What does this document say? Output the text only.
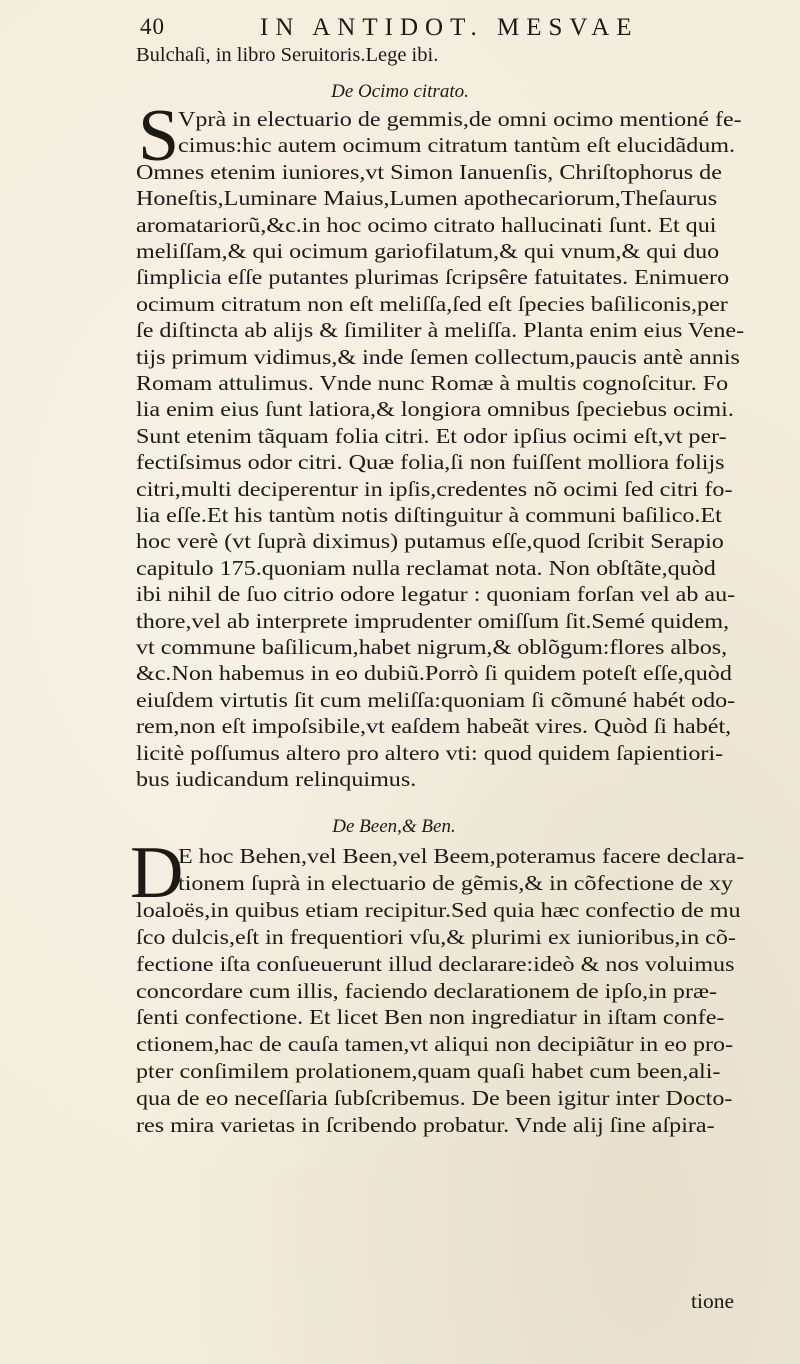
40	IN ANTIDOT. MESVAE
Bulchaſi, in libro Seruitoris.Lege ibi.
De Ocimo citrato.
S
Vprà in electuario de gemmis,de omni ocimo mentioné fe-
cimus:hic autem ocimum citratum tantùm eſt elucidãdum.
Omnes etenim iuniores,vt Simon Ianuenſis, Chriſtophorus de
Honeſtis,Luminare Maius,Lumen apothecariorum,Theſaurus
aromatariorũ,&c.in hoc ocimo citrato hallucinati ſunt. Et qui
meliſſam,& qui ocimum gariofilatum,& qui vnum,& qui duo
ſimplicia eſſe putantes plurimas ſcripsêre fatuitates. Enimuero
ocimum citratum non eſt meliſſa,ſed eſt ſpecies baſiliconis,per
ſe diſtincta ab alijs & ſimiliter à meliſſa. Planta enim eius Vene-
tijs primum vidimus,& inde ſemen collectum,paucis antè annis
Romam attulimus. Vnde nunc Romæ à multis cognoſcitur. Fo
lia enim eius ſunt latiora,& longiora omnibus ſpeciebus ocimi.
Sunt etenim tãquam folia citri. Et odor ipſius ocimi eſt,vt per-
fectiſsimus odor citri. Quæ folia,ſi non fuiſſent molliora folijs
citri,multi deciperentur in ipſis,credentes nõ ocimi ſed citri fo-
lia eſſe.Et his tantùm notis diſtinguitur à communi baſilico.Et
hoc verè (vt ſuprà diximus) putamus eſſe,quod ſcribit Serapio
capitulo 175.quoniam nulla reclamat nota. Non obſtãte,quòd
ibi nihil de ſuo citrio odore legatur : quoniam forſan vel ab au-
thore,vel ab interprete imprudenter omiſſum ſit.Semé quidem,
vt commune baſilicum,habet nigrum,& oblõgum:flores albos,
&c.Non habemus in eo dubiũ.Porrò ſi quidem poteſt eſſe,quòd
eiuſdem virtutis ſit cum meliſſa:quoniam ſi cõmuné habét odo-
rem,non eſt impoſsibile,vt eaſdem habeãt vires. Quòd ſi habét,
licitè poſſumus altero pro altero vti: quod quidem ſapientiori-
bus iudicandum relinquimus.
De Been,& Ben.
D
E hoc Behen,vel Been,vel Beem,poteramus facere declara-
tionem ſuprà in electuario de gẽmis,& in cõfectione de xy
loaloës,in quibus etiam recipitur.Sed quia hæc confectio de mu
ſco dulcis,eſt in frequentiori vſu,& plurimi ex iunioribus,in cõ-
fectione iſta conſueuerunt illud declarare:ideò & nos voluimus
concordare cum illis, faciendo declarationem de ipſo,in præ-
ſenti confectione. Et licet Ben non ingrediatur in iſtam confe-
ctionem,hac de cauſa tamen,vt aliqui non decipiãtur in eo pro-
pter conſimilem prolationem,quam quaſi habet cum been,ali-
qua de eo neceſſaria ſubſcribemus. De been igitur inter Docto-
res mira varietas in ſcribendo probatur. Vnde alij ſine aſpira-
tione
